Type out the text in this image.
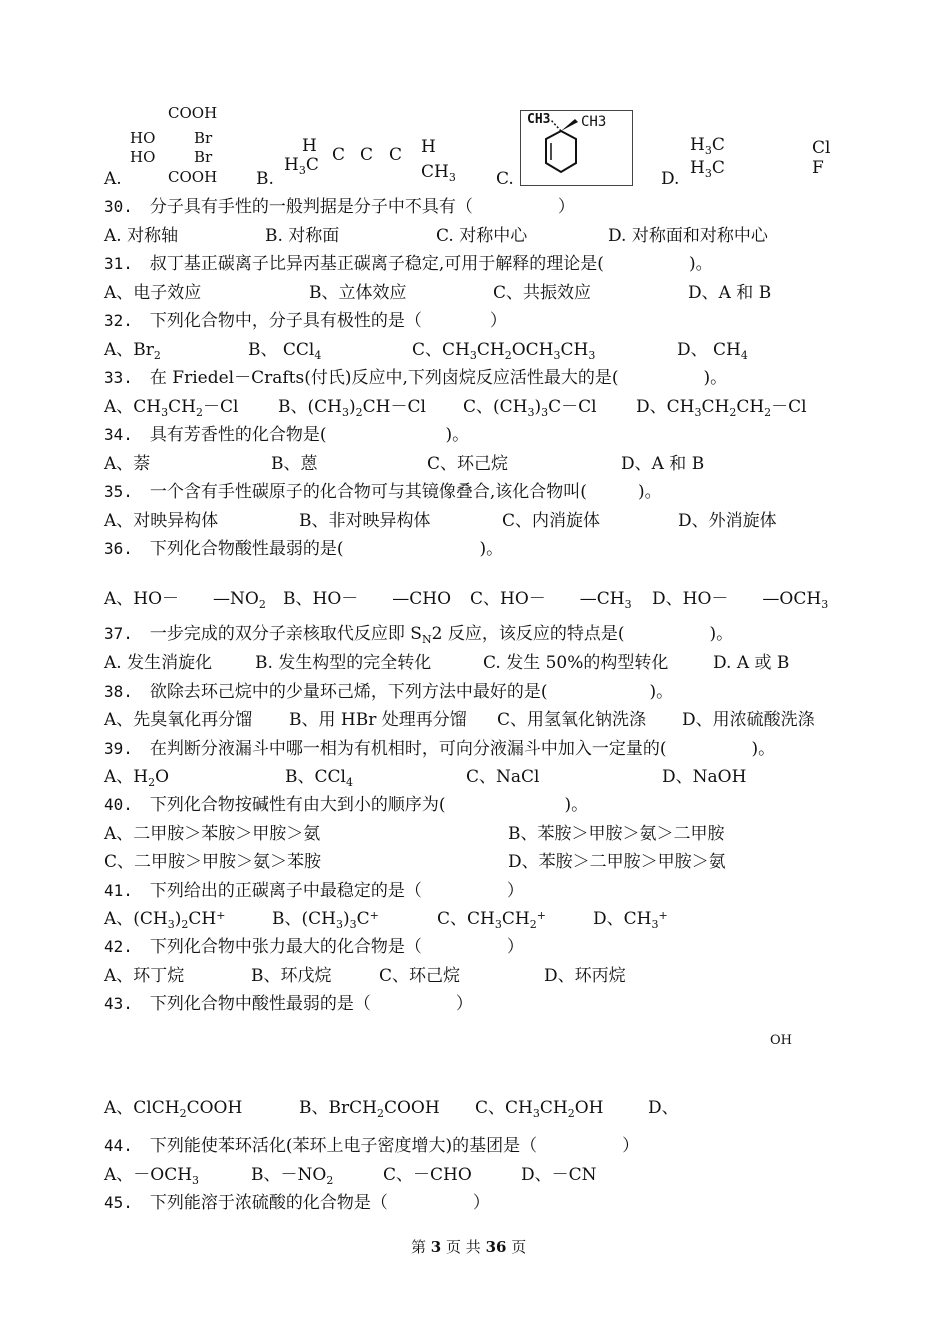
COOH
HO	Br
HO	Br
COOH
A.	B.
H
$H_3C$ C C C H
$CH_3$ C.
CH3 CH3
D.
$H_3C$
$H_3C$
Cl
F
30.　 分子具有手性的一般判据是分子中不具有（　　　　　）
A. 对称轴	B. 对称面	C. 对称中心	D. 对称面和对称中心
31.　 叔丁基正碳离子比异丙基正碳离子稳定,可用于解释的理论是(　　　　　)。
A、电子效应	B、立体效应	C、共振效应	D、A 和 B
32.　 下列化合物中，分子具有极性的是（　　　　）
A、$Br_2$	B、 CCl$_4$	C、$CH_3CH_2OCH_3CH_3$	D、 $CH_4$
33.　 在 Friedel－Crafts(付氏)反应中,下列卤烷反应活性最大的是(　　　　　)。
A、$CH_3CH_2-Cl$ B、$(CH_3)_2CH-Cl$ C、$(CH_3)_3C-Cl$ D、$CH_3CH_2CH_2-Cl$
34.　 具有芳香性的化合物是(　　　　　　　)。
A、萘	B、蒽	C、环己烷	D、A 和 B
35.　 一个含有手性碳原子的化合物可与其镜像叠合,该化合物叫(　　　)。
A、对映异构体	B、非对映异构体	C、内消旋体	D、外消旋体
36.　 下列化合物酸性最弱的是(　　　　　　　　)。
A、$HO- —NO_2$ B、HO－ —CHO C、$HO- —CH_3$ D、$HO- —OCH_3$
37.　 一步完成的双分子亲核取代反应即 $S_N2$ 反应，该反应的特点是(　　　　　)。
A. 发生消旋化	B. 发生构型的完全转化	C. 发生 50%的构型转化	D. A 或 B
38.　 欲除去环己烷中的少量环己烯，下列方法中最好的是(　　　　　　)。
A、先臭氧化再分馏 B、用 HBr 处理再分馏 C、用氢氧化钠洗涤 D、用浓硫酸洗涤
39.　 在判断分液漏斗中哪一相为有机相时，可向分液漏斗中加入一定量的(　　　　　)。
A、$H_2O$	B、CCl$_4$	C、NaCl	D、NaOH
40.　 下列化合物按碱性有由大到小的顺序为(　　　　　　　)。
A、二甲胺＞苯胺＞甲胺＞氨	B、苯胺＞甲胺＞氨＞二甲胺
C、二甲胺＞甲胺＞氨＞苯胺	D、苯胺＞二甲胺＞甲胺＞氨
41.　 下列给出的正碳离子中最稳定的是（　　　　　）
A、$(CH_3)_2CH^+$	B、$(CH_3)_3C^+$	C、$CH_3CH_2^+$	D、$CH_3^+$
42.　 下列化合物中张力最大的化合物是（　　　　　）
A、环丁烷	B、环戊烷	C、环己烷	D、环丙烷
43.　 下列化合物中酸性最弱的是（　　　　　）
OH
A、ClCH$_2$COOH	B、BrCH$_2$COOH C、$CH_3CH_2OH$	D、
44.　 下列能使苯环活化(苯环上电子密度增大)的基团是（　　　　　）
A、$-OCH_3$	B、$-NO_2$	C、－CHO	D、－CN
45.　 下列能溶于浓硫酸的化合物是（　　　　　）
第 3 页 共 36 页
